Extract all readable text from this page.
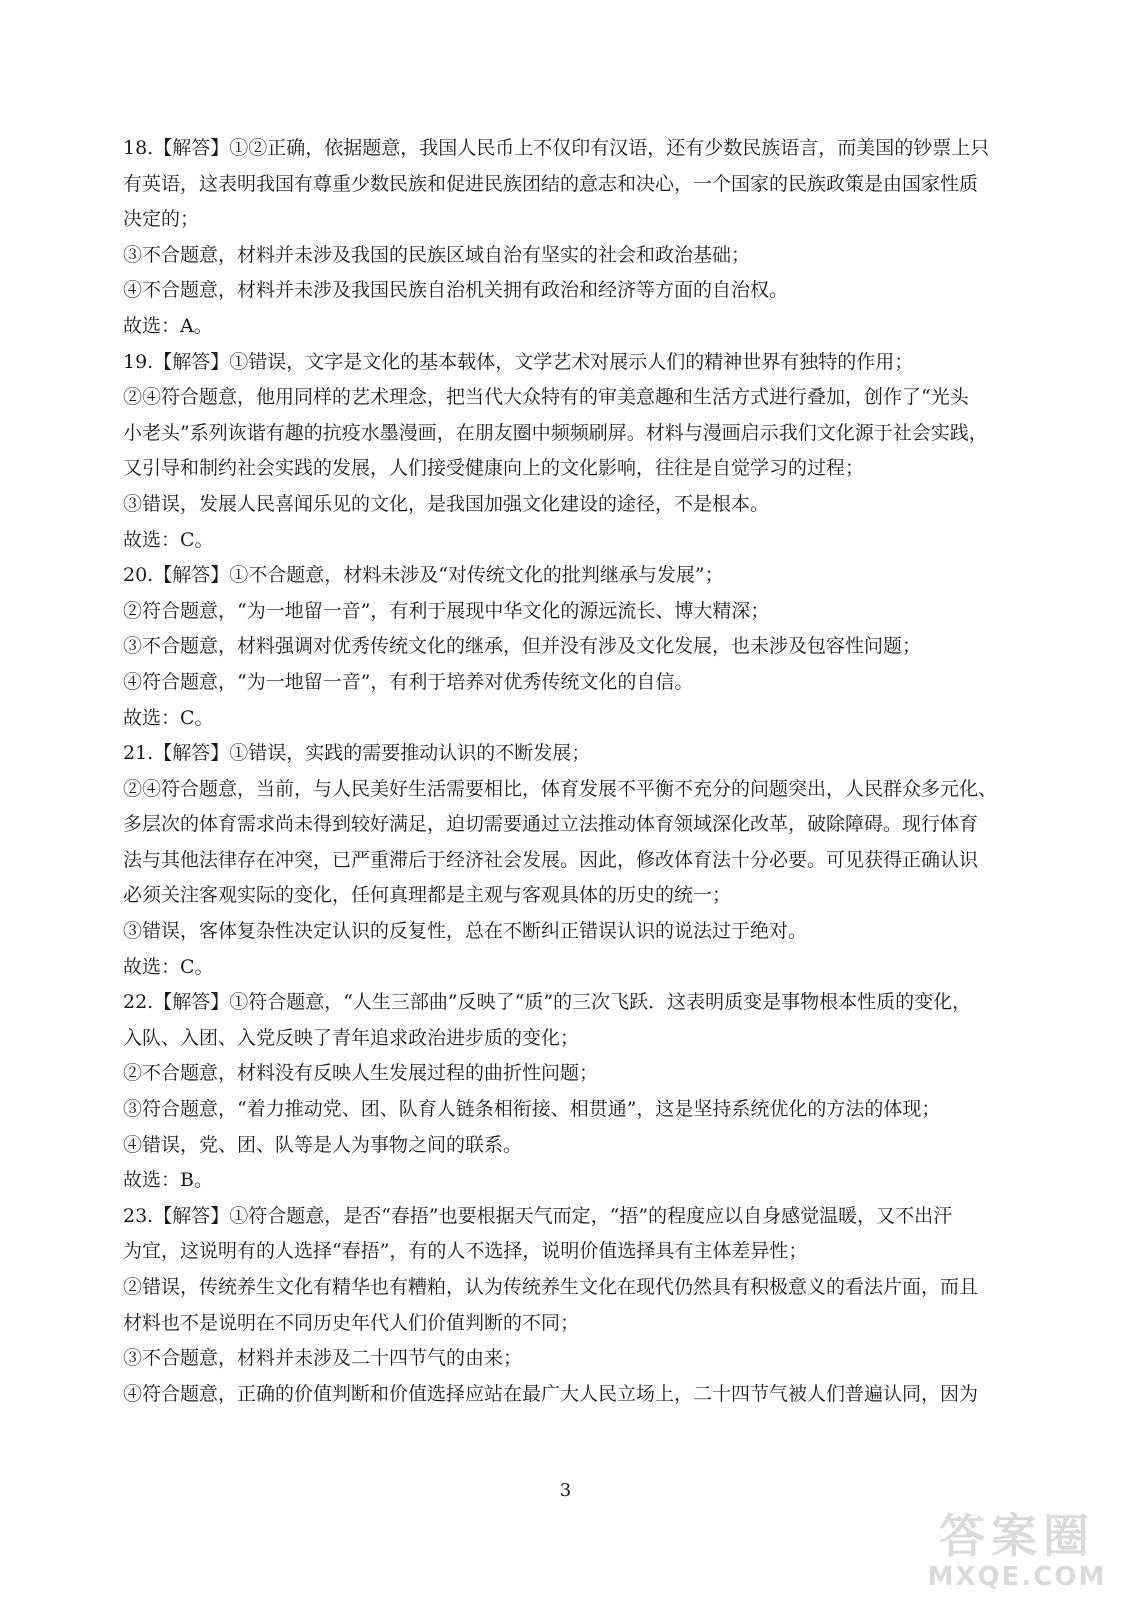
18.【解答】①②正确，依据题意，我国人民币上不仅印有汉语，还有少数民族语言，而美国的钞票上只
有英语，这表明我国有尊重少数民族和促进民族团结的意志和决心，一个国家的民族政策是由国家性质
决定的；
③不合题意，材料并未涉及我国的民族区域自治有坚实的社会和政治基础；
④不合题意，材料并未涉及我国民族自治机关拥有政治和经济等方面的自治权。
故选：A。
19.【解答】①错误，文字是文化的基本载体，文学艺术对展示人们的精神世界有独特的作用；
②④符合题意，他用同样的艺术理念，把当代大众特有的审美意趣和生活方式进行叠加，创作了“光头
小老头”系列诙谐有趣的抗疫水墨漫画，在朋友圈中频频刷屏。材料与漫画启示我们文化源于社会实践，
又引导和制约社会实践的发展，人们接受健康向上的文化影响，往往是自觉学习的过程；
③错误，发展人民喜闻乐见的文化，是我国加强文化建设的途径，不是根本。
故选：C。
20.【解答】①不合题意，材料未涉及“对传统文化的批判继承与发展”；
②符合题意，“为一地留一音”，有利于展现中华文化的源远流长、博大精深；
③不合题意，材料强调对优秀传统文化的继承，但并没有涉及文化发展，也未涉及包容性问题；
④符合题意，“为一地留一音”，有利于培养对优秀传统文化的自信。
故选：C。
21.【解答】①错误，实践的需要推动认识的不断发展；
②④符合题意，当前，与人民美好生活需要相比，体育发展不平衡不充分的问题突出，人民群众多元化、
多层次的体育需求尚未得到较好满足，迫切需要通过立法推动体育领域深化改革，破除障碍。现行体育
法与其他法律存在冲突，已严重滞后于经济社会发展。因此，修改体育法十分必要。可见获得正确认识
必须关注客观实际的变化，任何真理都是主观与客观具体的历史的统一；
③错误，客体复杂性决定认识的反复性，总在不断纠正错误认识的说法过于绝对。
故选：C。
22.【解答】①符合题意，“人生三部曲”反映了“质”的三次飞跃．这表明质变是事物根本性质的变化，
入队、入团、入党反映了青年追求政治进步质的变化；
②不合题意，材料没有反映人生发展过程的曲折性问题；
③符合题意，“着力推动党、团、队育人链条相衔接、相贯通”，这是坚持系统优化的方法的体现；
④错误，党、团、队等是人为事物之间的联系。
故选：B。
23.【解答】①符合题意，是否“春捂”也要根据天气而定，“捂”的程度应以自身感觉温暖，又不出汗
为宜，这说明有的人选择“春捂”，有的人不选择，说明价值选择具有主体差异性；
②错误，传统养生文化有精华也有糟粕，认为传统养生文化在现代仍然具有积极意义的看法片面，而且
材料也不是说明在不同历史年代人们价值判断的不同；
③不合题意，材料并未涉及二十四节气的由来；
④符合题意，正确的价值判断和价值选择应站在最广大人民立场上，二十四节气被人们普遍认同，因为
3
答案圈
MXQE.COM
